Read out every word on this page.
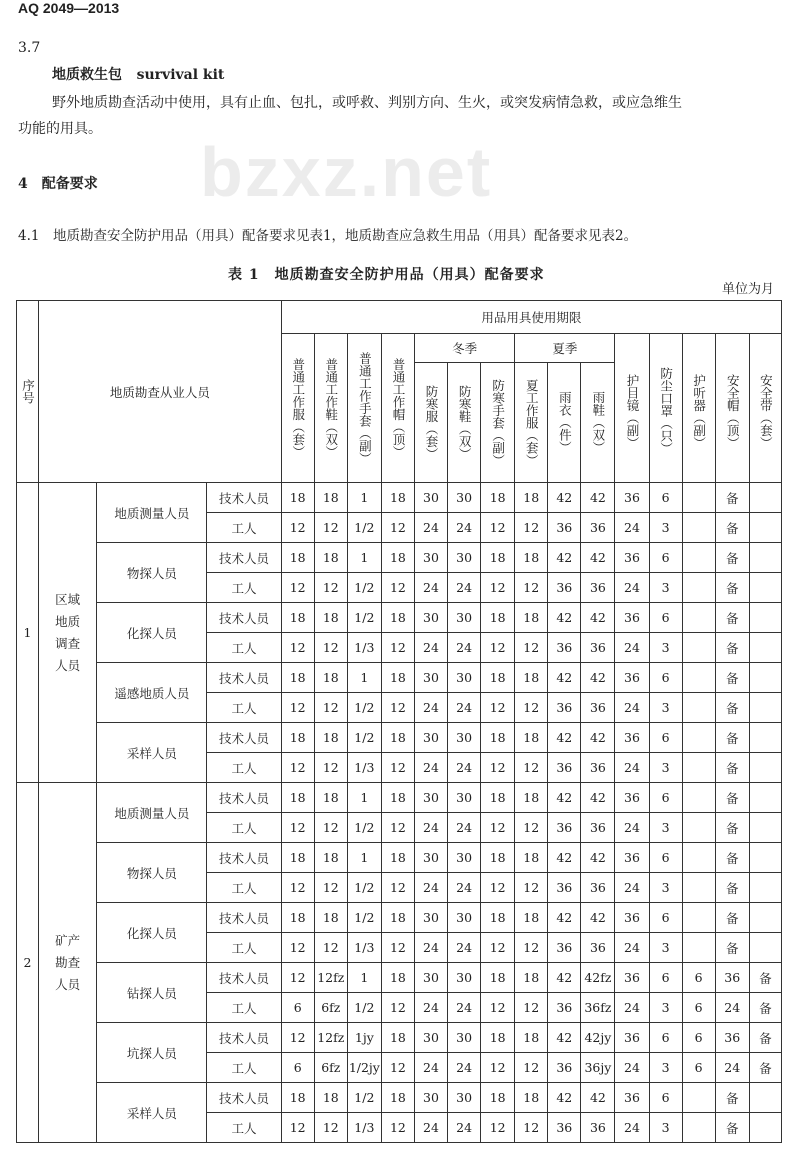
AQ 2049—2013
bzxz.net
3.7
地质救生包 survival kit
野外地质勘查活动中使用，具有止血、包扎，或呼救、判别方向、生火，或突发病情急救，或应急维生
功能的用具。
4　配备要求
4.1　地质勘查安全防护用品（用具）配备要求见表1，地质勘查应急救生用品（用具）配备要求见表2。
表 1　地质勘查安全防护用品（用具）配备要求
单位为月
序号	地质勘查从业人员			用品用具使用期限														
				普通工作服（套）	普通工作鞋（双）	普通工作手套（副）	普通工作帽（顶）	冬季			夏季			护目镜（副）	防尘口罩（只）	护听器（副）	安全帽（顶）	安全带（套）
								防寒服（套）	防寒鞋（双）	防寒手套（副）	夏工作服（套）	雨衣（件）	雨鞋（双）					
1	区域地质调查人员	地质测量人员	技术人员	18	18	1	18	30	30	18	18	42	42	36	6		备	
			工人	12	12	1/2	12	24	24	12	12	36	36	24	3		备	
		物探人员	技术人员	18	18	1	18	30	30	18	18	42	42	36	6		备	
			工人	12	12	1/2	12	24	24	12	12	36	36	24	3		备	
		化探人员	技术人员	18	18	1/2	18	30	30	18	18	42	42	36	6		备	
			工人	12	12	1/3	12	24	24	12	12	36	36	24	3		备	
		遥感地质人员	技术人员	18	18	1	18	30	30	18	18	42	42	36	6		备	
			工人	12	12	1/2	12	24	24	12	12	36	36	24	3		备	
		采样人员	技术人员	18	18	1/2	18	30	30	18	18	42	42	36	6		备	
			工人	12	12	1/3	12	24	24	12	12	36	36	24	3		备	
2	矿产勘查人员	地质测量人员	技术人员	18	18	1	18	30	30	18	18	42	42	36	6		备	
			工人	12	12	1/2	12	24	24	12	12	36	36	24	3		备	
		物探人员	技术人员	18	18	1	18	30	30	18	18	42	42	36	6		备	
			工人	12	12	1/2	12	24	24	12	12	36	36	24	3		备	
		化探人员	技术人员	18	18	1/2	18	30	30	18	18	42	42	36	6		备	
			工人	12	12	1/3	12	24	24	12	12	36	36	24	3		备	
		钻探人员	技术人员	12	12fz	1	18	30	30	18	18	42	42fz	36	6	6	36	备
			工人	6	6fz	1/2	12	24	24	12	12	36	36fz	24	3	6	24	备
		坑探人员	技术人员	12	12fz	1jy	18	30	30	18	18	42	42jy	36	6	6	36	备
			工人	6	6fz	1/2jy	12	24	24	12	12	36	36jy	24	3	6	24	备
		采样人员	技术人员	18	18	1/2	18	30	30	18	18	42	42	36	6		备	
			工人	12	12	1/3	12	24	24	12	12	36	36	24	3		备	
